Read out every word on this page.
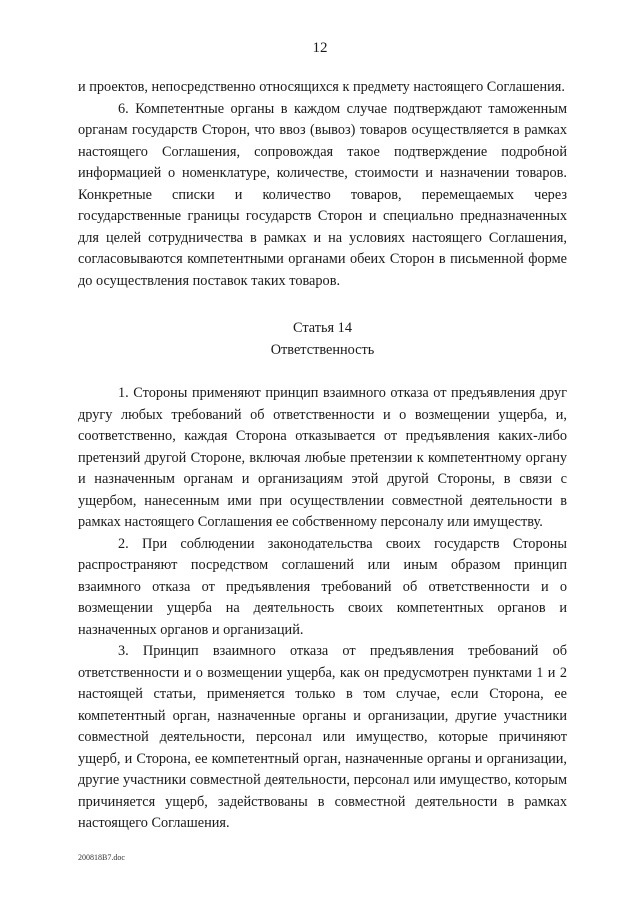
12

и проектов, непосредственно относящихся к предмету настоящего Соглашения.

6. Компетентные органы в каждом случае подтверждают таможенным органам государств Сторон, что ввоз (вывоз) товаров осуществляется в рамках настоящего Соглашения, сопровождая такое подтверждение подробной информацией о номенклатуре, количестве, стоимости и назначении товаров. Конкретные списки и количество товаров, перемещаемых через государственные границы государств Сторон и специально предназначенных для целей сотрудничества в рамках и на условиях настоящего Соглашения, согласовываются компетентными органами обеих Сторон в письменной форме до осуществления поставок таких товаров.

Статья 14
Ответственность

1. Стороны применяют принцип взаимного отказа от предъявления друг другу любых требований об ответственности и о возмещении ущерба, и, соответственно, каждая Сторона отказывается от предъявления каких-либо претензий другой Стороне, включая любые претензии к компетентному органу и назначенным органам и организациям этой другой Стороны, в связи с ущербом, нанесенным ими при осуществлении совместной деятельности в рамках настоящего Соглашения ее собственному персоналу или имуществу.

2. При соблюдении законодательства своих государств Стороны распространяют посредством соглашений или иным образом принцип взаимного отказа от предъявления требований об ответственности и о возмещении ущерба на деятельность своих компетентных органов и назначенных органов и организаций.

3. Принцип взаимного отказа от предъявления требований об ответственности и о возмещении ущерба, как он предусмотрен пунктами 1 и 2 настоящей статьи, применяется только в том случае, если Сторона, ее компетентный орган, назначенные органы и организации, другие участники совместной деятельности, персонал или имущество, которые причиняют ущерб, и Сторона, ее компетентный орган, назначенные органы и организации, другие участники совместной деятельности, персонал или имущество, которым причиняется ущерб, задействованы в совместной деятельности в рамках настоящего Соглашения.

200818В7.doc
